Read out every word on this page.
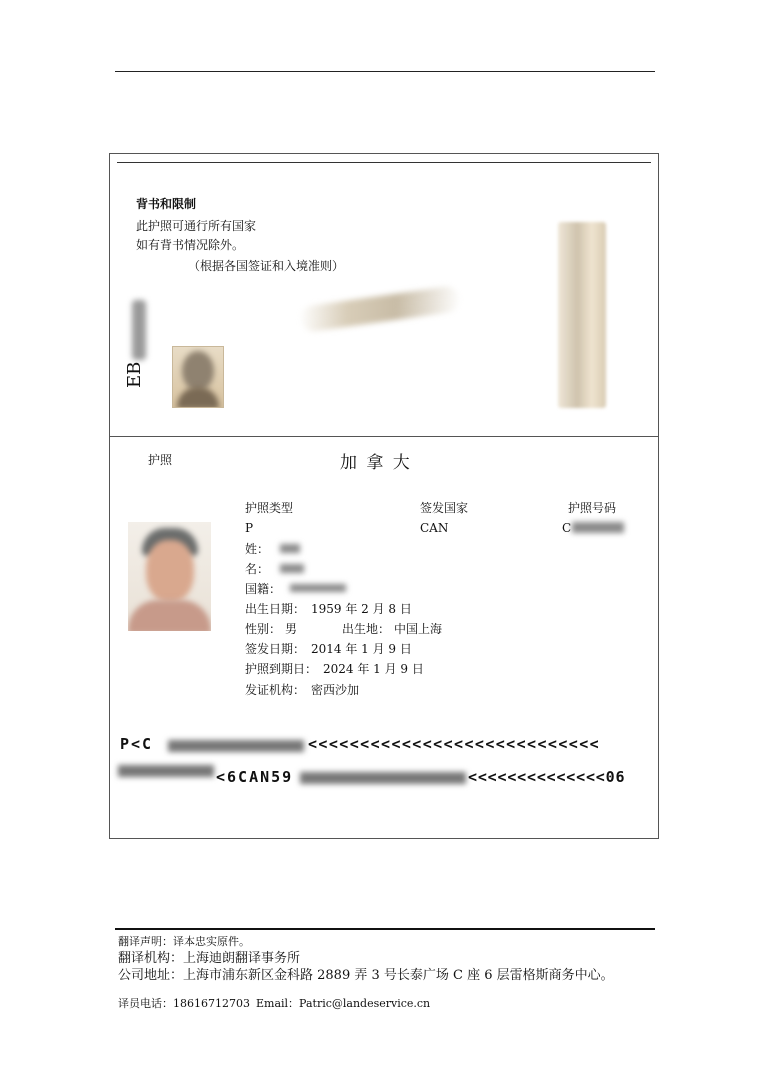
背书和限制
此护照可通行所有国家
如有背书情况除外。
（根据各国签证和入境准则）
EB
护照	加 拿 大
护照类型	签发国家	护照号码
P	CAN	C
姓：
名：
国籍：
出生日期： 1959 年 2 月 8 日
性别： 男	出生地： 中国上海
签发日期： 2014 年 1 月 9 日
护照到期日： 2024 年 1 月 9 日
发证机构： 密西沙加
P<C	<<<<<<<<<<<<<<<<<<<<<<<<<<<<
<6CAN59	<<<<<<<<<<<<<<06
翻译声明：译本忠实原件。
翻译机构：上海迪朗翻译事务所
公司地址：上海市浦东新区金科路 2889 弄 3 号长泰广场 C 座 6 层雷格斯商务中心。
译员电话：18616712703 Email：Patric@landeservice.cn
